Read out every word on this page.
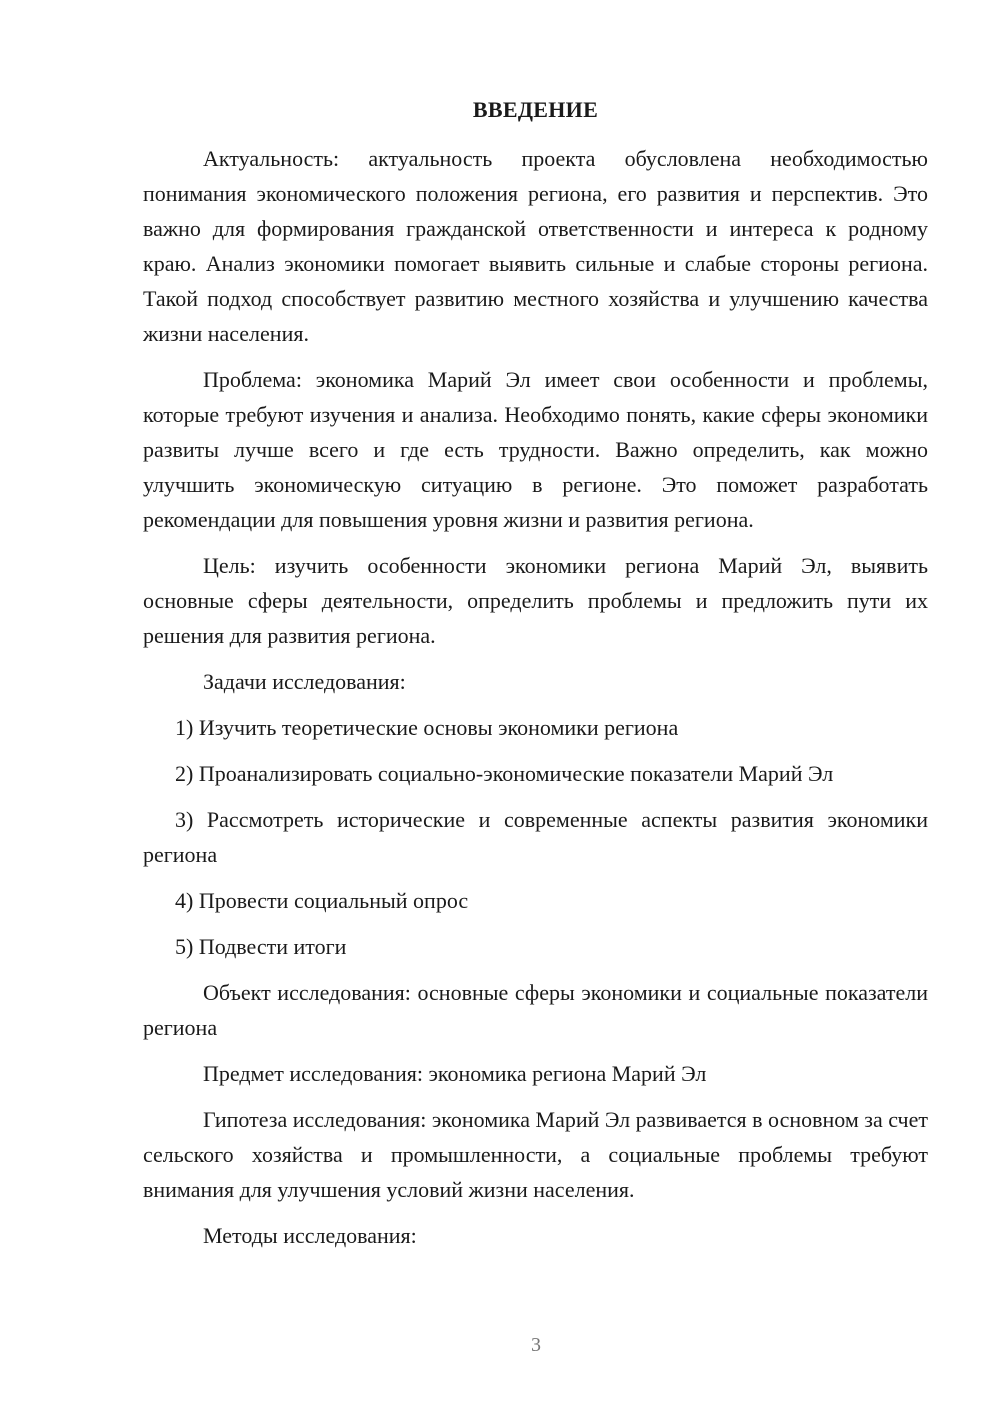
ВВЕДЕНИЕ

Актуальность: актуальность проекта обусловлена необходимостью понимания экономического положения региона, его развития и перспектив. Это важно для формирования гражданской ответственности и интереса к родному краю. Анализ экономики помогает выявить сильные и слабые стороны региона. Такой подход способствует развитию местного хозяйства и улучшению качества жизни населения.

Проблема: экономика Марий Эл имеет свои особенности и проблемы, которые требуют изучения и анализа. Необходимо понять, какие сферы экономики развиты лучше всего и где есть трудности. Важно определить, как можно улучшить экономическую ситуацию в регионе. Это поможет разработать рекомендации для повышения уровня жизни и развития региона.

Цель: изучить особенности экономики региона Марий Эл, выявить основные сферы деятельности, определить проблемы и предложить пути их решения для развития региона.

Задачи исследования:

1) Изучить теоретические основы экономики региона

2) Проанализировать социально-экономические показатели Марий Эл

3) Рассмотреть исторические и современные аспекты развития экономики региона

4) Провести социальный опрос

5) Подвести итоги

Объект исследования: основные сферы экономики и социальные показатели региона

Предмет исследования: экономика региона Марий Эл

Гипотеза исследования: экономика Марий Эл развивается в основном за счет сельского хозяйства и промышленности, а социальные проблемы требуют внимания для улучшения условий жизни населения.

Методы исследования:

3
